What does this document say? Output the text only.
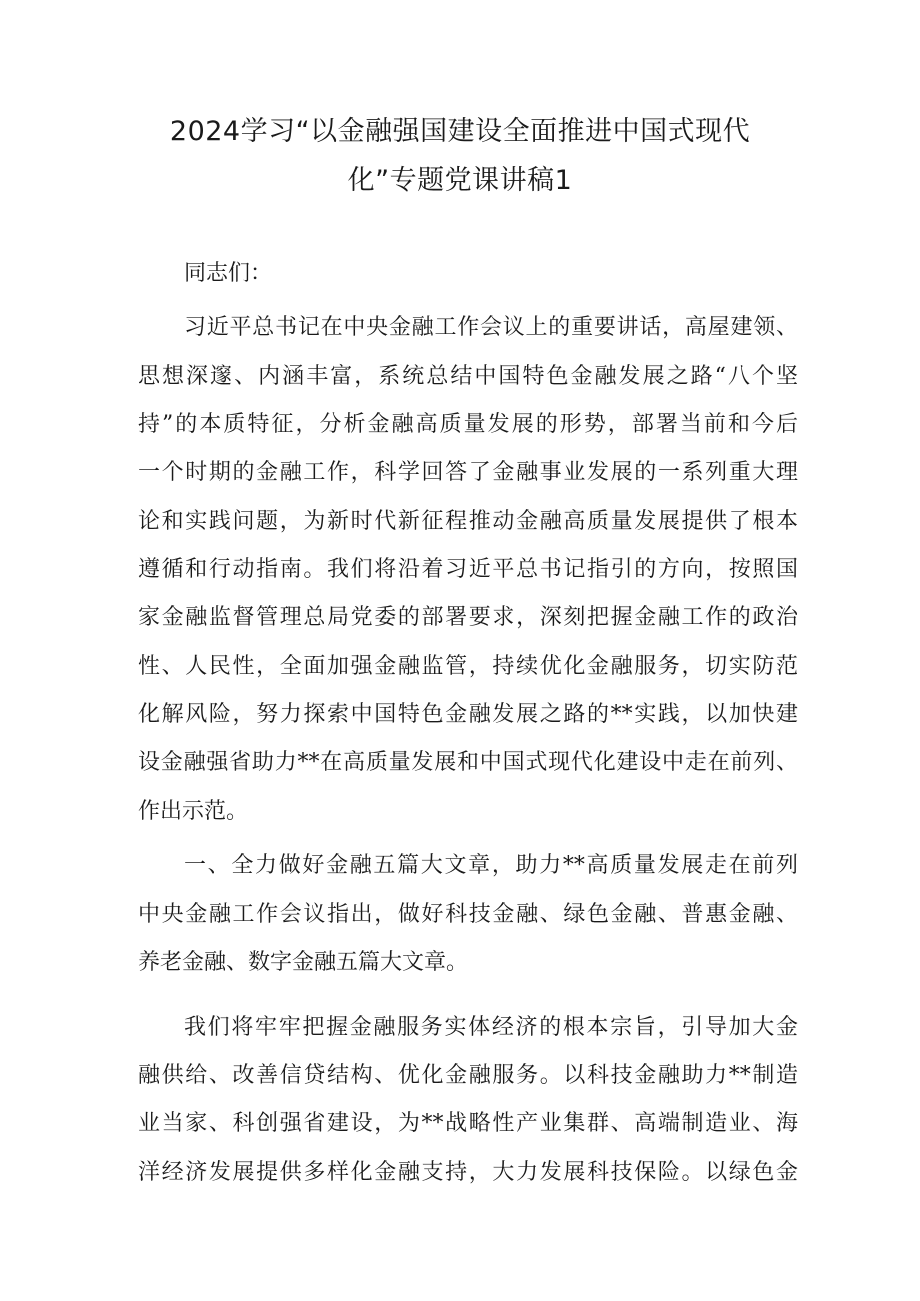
2024学习“以金融强国建设全面推进中国式现代
化”专题党课讲稿1
同志们：
习近平总书记在中央金融工作会议上的重要讲话，高屋建领、
思想深邃、内涵丰富，系统总结中国特色金融发展之路“八个坚
持”的本质特征，分析金融高质量发展的形势，部署当前和今后
一个时期的金融工作，科学回答了金融事业发展的一系列重大理
论和实践问题，为新时代新征程推动金融高质量发展提供了根本
遵循和行动指南。我们将沿着习近平总书记指引的方向，按照国
家金融监督管理总局党委的部署要求，深刻把握金融工作的政治
性、人民性，全面加强金融监管，持续优化金融服务，切实防范
化解风险，努力探索中国特色金融发展之路的**实践，以加快建
设金融强省助力**在高质量发展和中国式现代化建设中走在前列、
作出示范。
一、全力做好金融五篇大文章，助力**高质量发展走在前列
中央金融工作会议指出，做好科技金融、绿色金融、普惠金融、
养老金融、数字金融五篇大文章。
我们将牢牢把握金融服务实体经济的根本宗旨，引导加大金
融供给、改善信贷结构、优化金融服务。以科技金融助力**制造
业当家、科创强省建设，为**战略性产业集群、高端制造业、海
洋经济发展提供多样化金融支持，大力发展科技保险。以绿色金
